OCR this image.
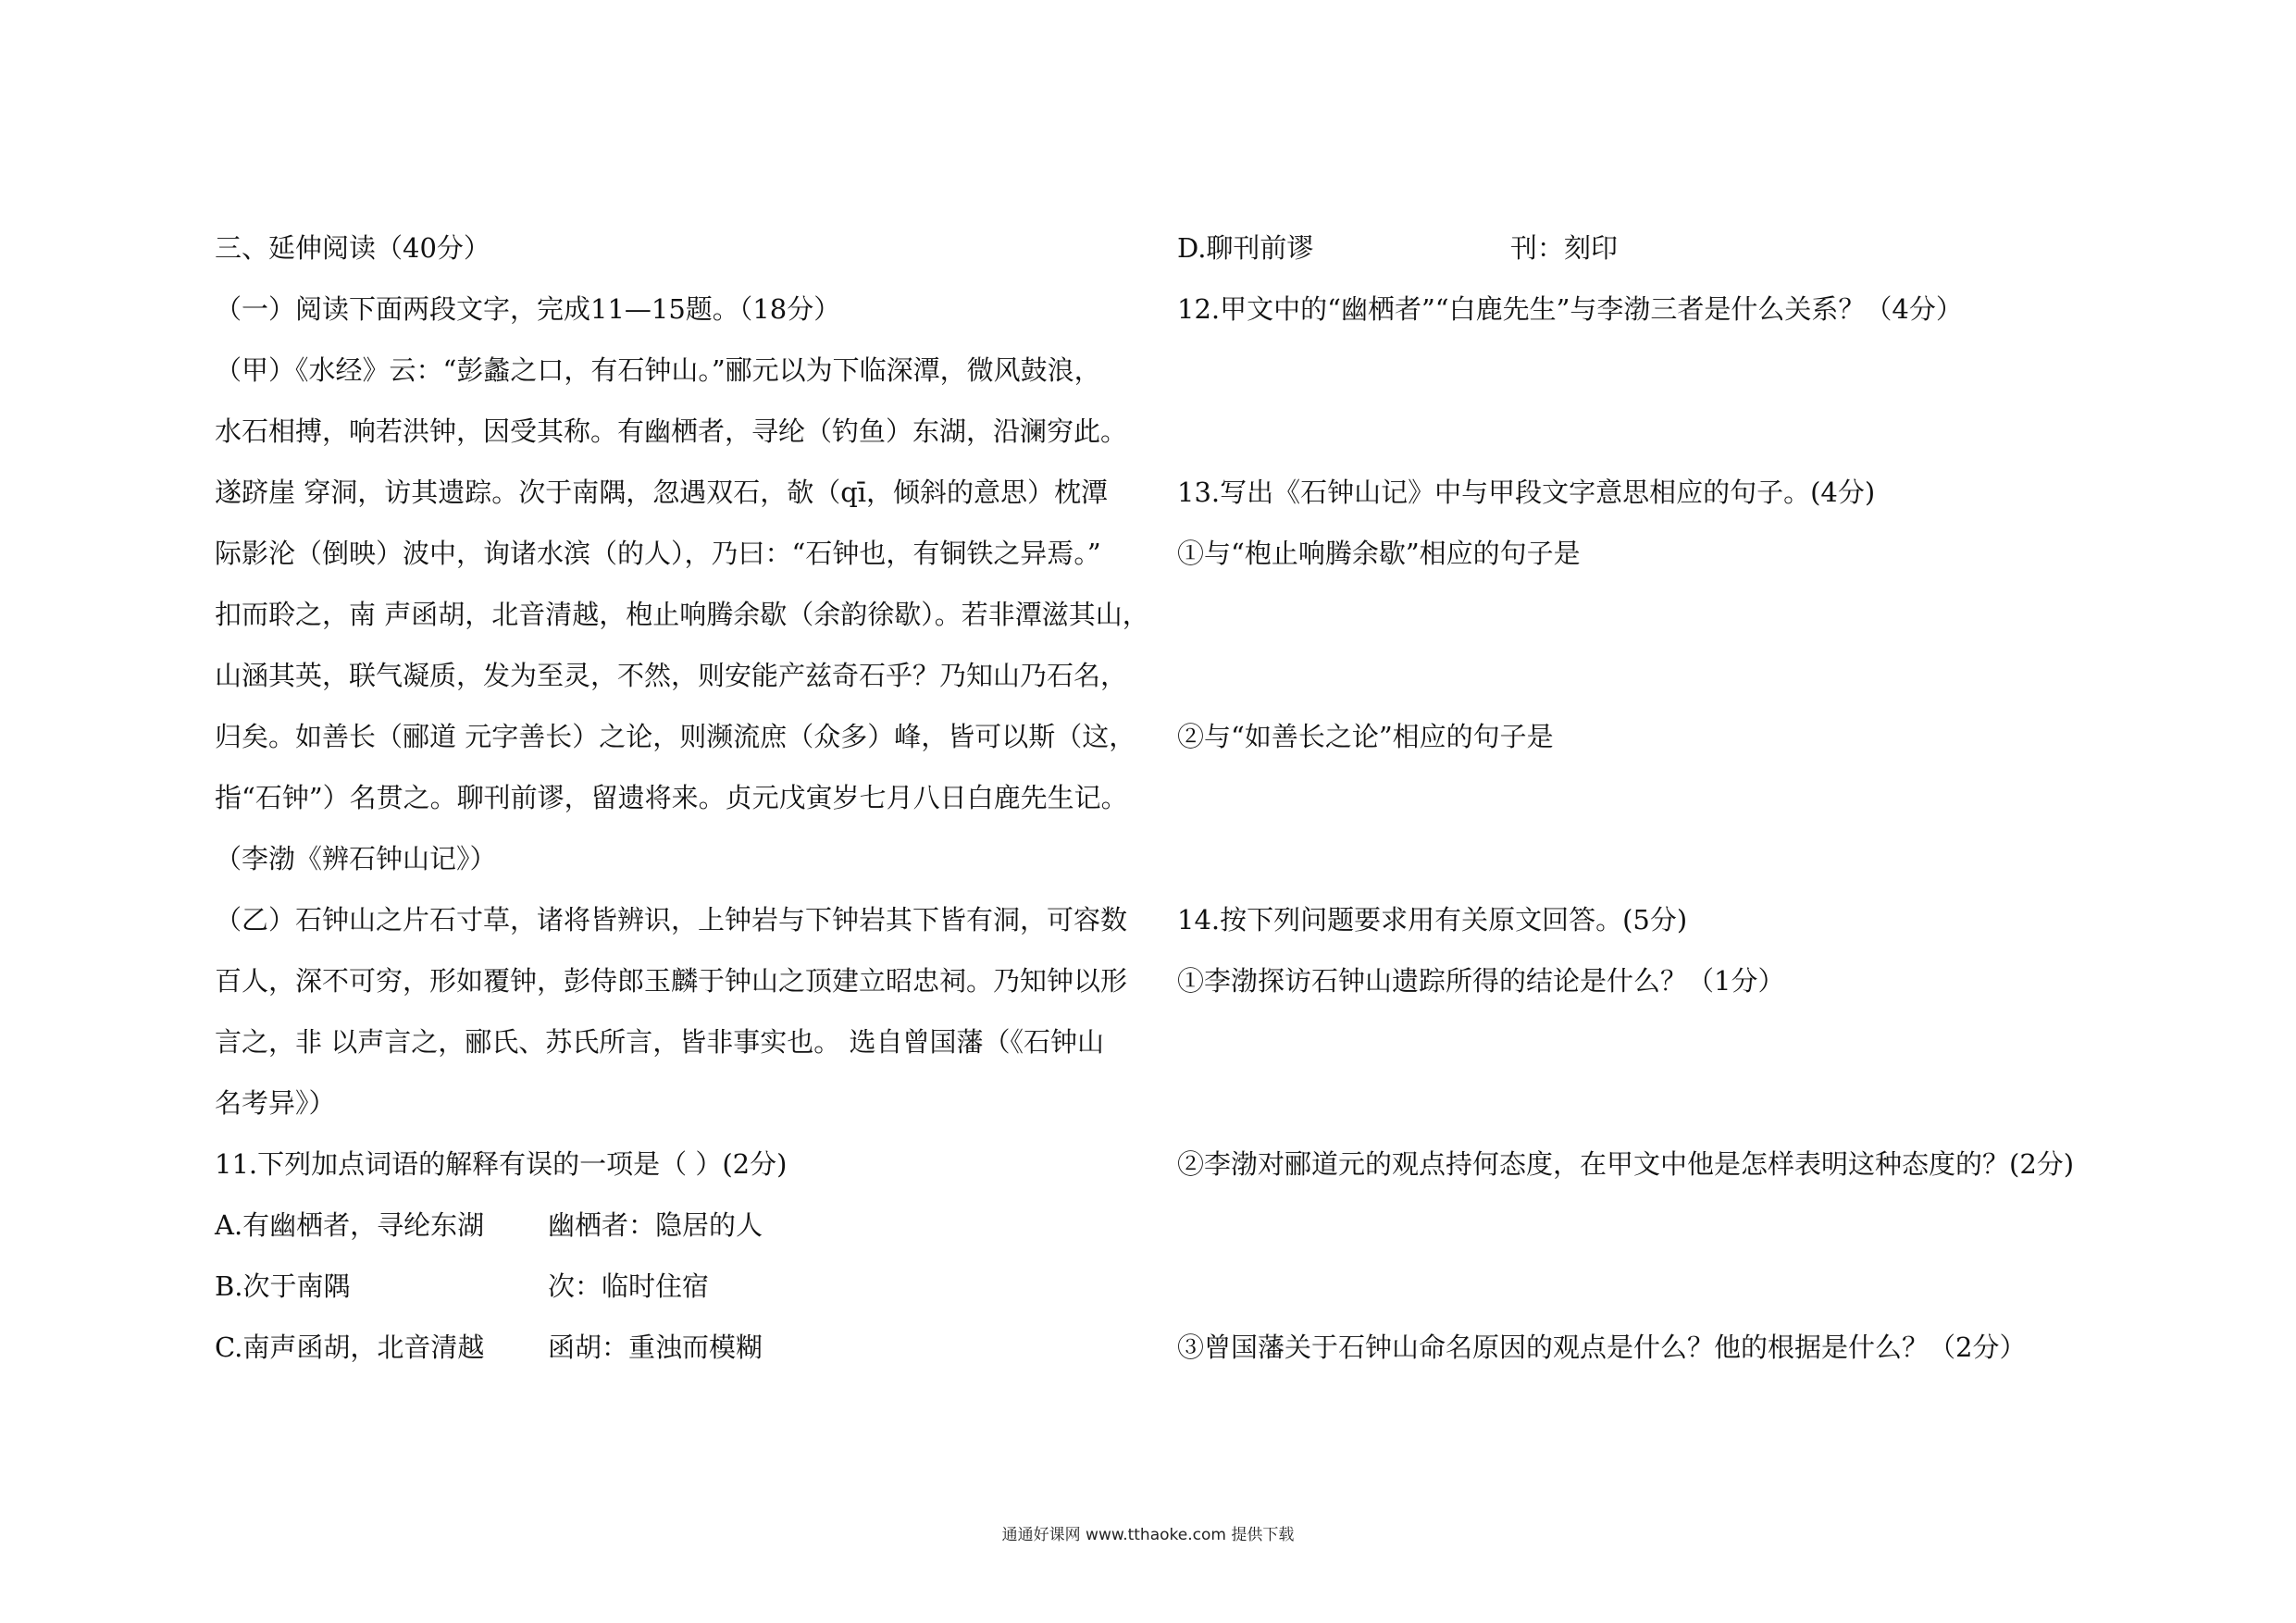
三、延伸阅读（40分）
（一）阅读下面两段文字，完成11—15题。（18分）
（甲）《水经》云：“彭蠡之口，有石钟山。”郦元以为下临深潭，微风鼓浪，
水石相搏，响若洪钟，因受其称。有幽栖者，寻纶（钓鱼）东湖，沿澜穷此。
遂跻崖 穿洞，访其遗踪。次于南隅，忽遇双石，欹（qī，倾斜的意思）枕潭
际影沦（倒映）波中，询诸水滨（的人），乃曰：“石钟也，有铜铁之异焉。”
扣而聆之，南 声函胡，北音清越，枹止响腾余歇（余韵徐歇）。若非潭滋其山，
山涵其英，联气凝质，发为至灵，不然，则安能产兹奇石乎？乃知山乃石名，
归矣。如善长（郦道 元字善长）之论，则濒流庶（众多）峰，皆可以斯（这，
指“石钟”）名贯之。聊刊前谬，留遗将来。贞元戊寅岁七月八日白鹿先生记。
（李渤《辨石钟山记》）
（乙）石钟山之片石寸草，诸将皆辨识，上钟岩与下钟岩其下皆有洞，可容数
百人，深不可穷，形如覆钟，彭侍郎玉麟于钟山之顶建立昭忠祠。乃知钟以形
言之，非 以声言之，郦氏、苏氏所言，皆非事实也。 选自曾国藩（《石钟山
名考异》）
11.下列加点词语的解释有误的一项是（ ）(2分)
A.有幽栖者，寻纶东湖 幽栖者：隐居的人
B.次于南隅	次：临时住宿
C.南声函胡，北音清越 函胡：重浊而模糊
D.聊刊前谬	刊：刻印
12.甲文中的“幽栖者”“白鹿先生”与李渤三者是什么关系？（4分）
13.写出《石钟山记》中与甲段文字意思相应的句子。(4分)
①与“枹止响腾余歇”相应的句子是
②与“如善长之论”相应的句子是
14.按下列问题要求用有关原文回答。(5分)
①李渤探访石钟山遗踪所得的结论是什么？（1分）
②李渤对郦道元的观点持何态度，在甲文中他是怎样表明这种态度的？(2分)
③曾国藩关于石钟山命名原因的观点是什么？他的根据是什么？（2分）
通通好课网 www.tthaoke.com 提供下载
